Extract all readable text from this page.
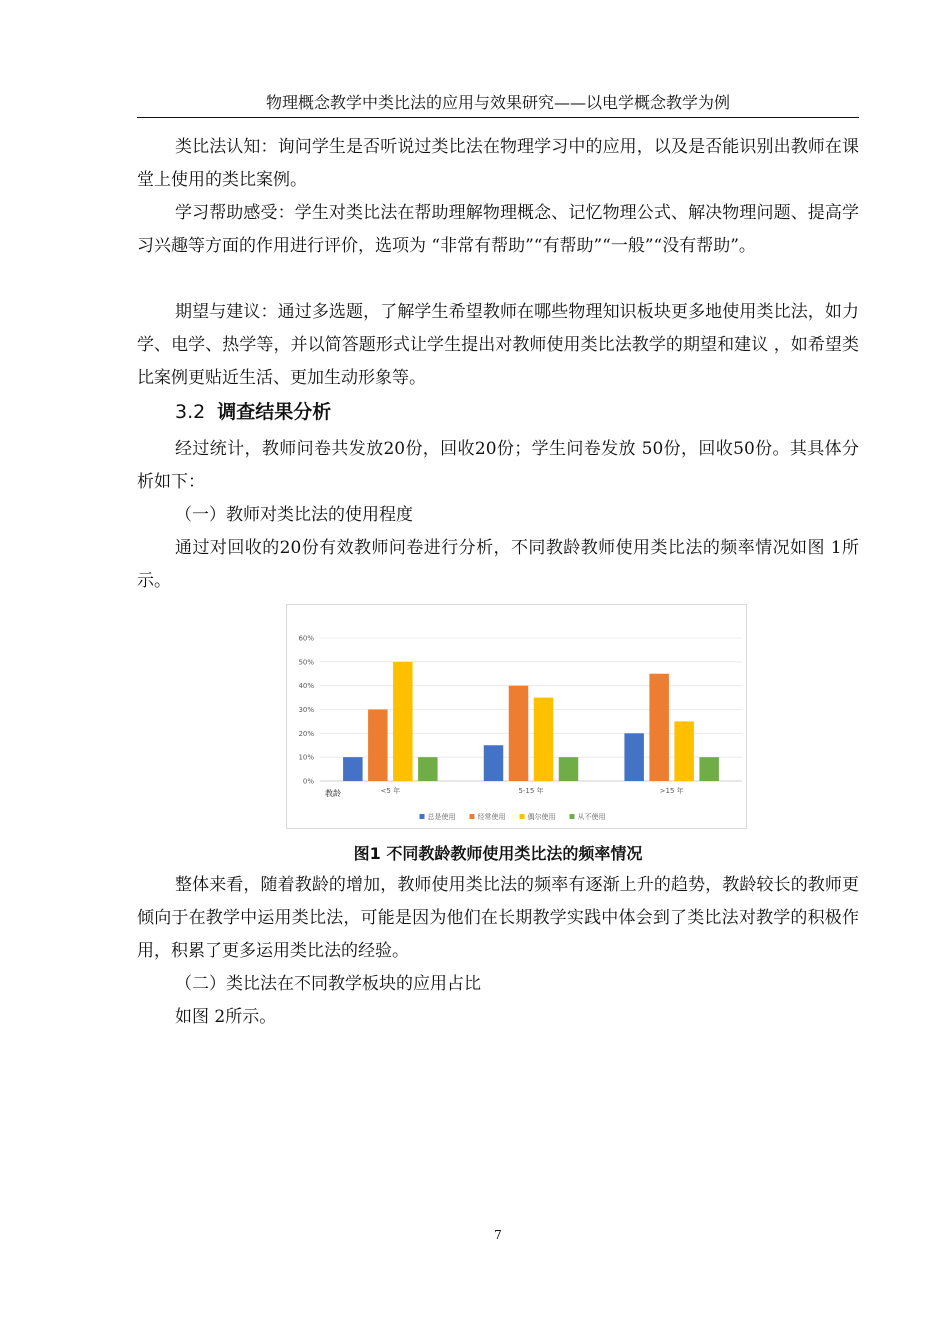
物理概念教学中类比法的应用与效果研究——以电学概念教学为例

类比法认知：询问学生是否听说过类比法在物理学习中的应用，以及是否能识别出教师在课堂上使用的类比案例。

学习帮助感受：学生对类比法在帮助理解物理概念、记忆物理公式、解决物理问题、提高学习兴趣等方面的作用进行评价，选项为 “非常有帮助”“有帮助”“一般”“没有帮助”。

期望与建议：通过多选题，了解学生希望教师在哪些物理知识板块更多地使用类比法，如力学、电学、热学等，并以简答题形式让学生提出对教师使用类比法教学的期望和建议 ，如希望类比案例更贴近生活、更加生动形象等。

3.2 调查结果分析

经过统计，教师问卷共发放20份，回收20份；学生问卷发放 50份，回收50份。其具体分析如下：

（一）教师对类比法的使用程度

通过对回收的20份有效教师问卷进行分析，不同教龄教师使用类比法的频率情况如图 1所示。

0%
10%
20%
30%
40%
50%
60%
<5 年	5-15 年	>15 年
教龄
总是使用	经常使用	偶尔使用	从不使用
图1 不同教龄教师使用类比法的频率情况

整体来看，随着教龄的增加，教师使用类比法的频率有逐渐上升的趋势，教龄较长的教师更倾向于在教学中运用类比法，可能是因为他们在长期教学实践中体会到了类比法对教学的积极作用，积累了更多运用类比法的经验。

（二）类比法在不同教学板块的应用占比

如图 2所示。

7
